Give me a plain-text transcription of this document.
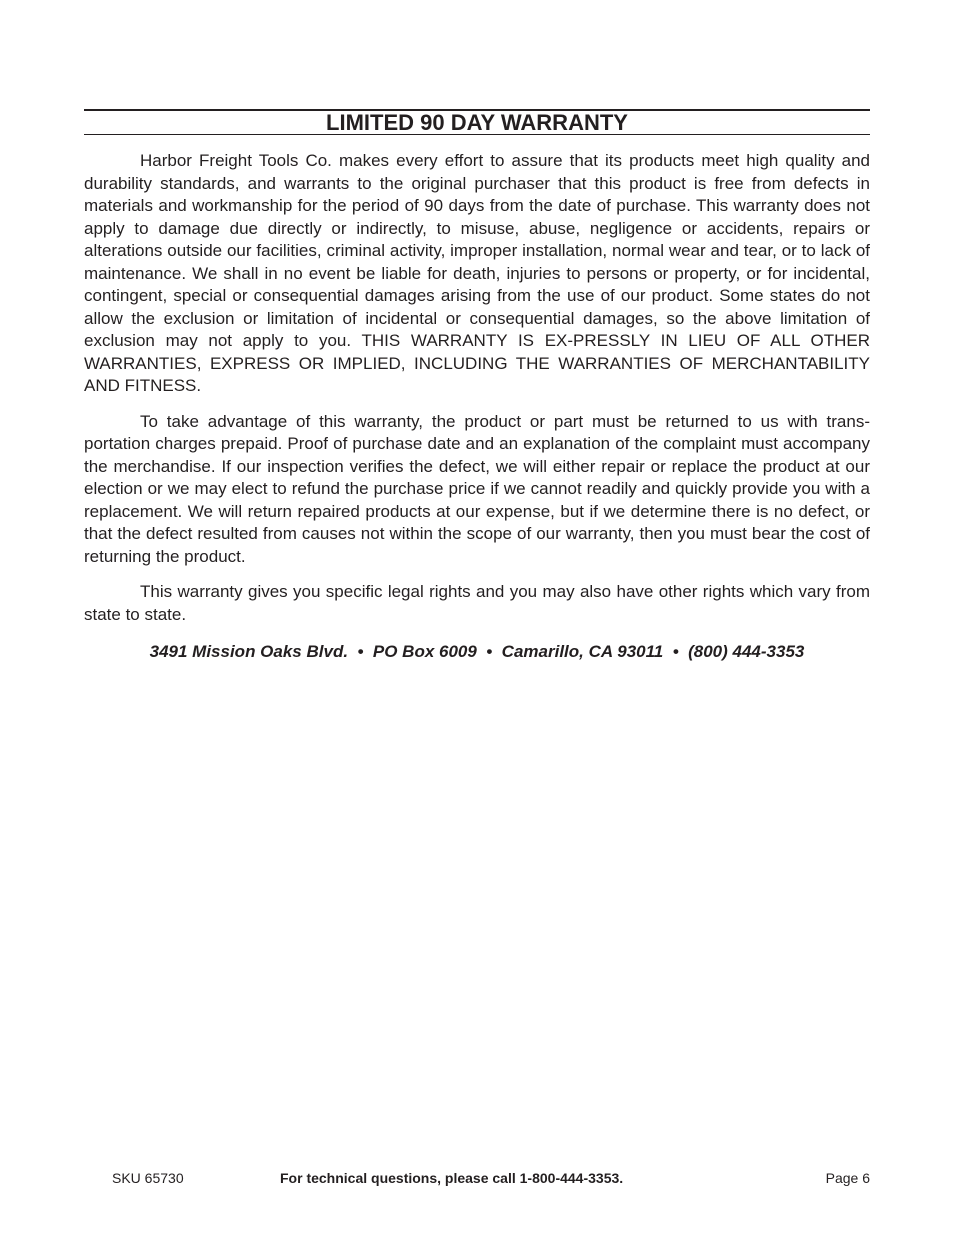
LIMITED 90 DAY WARRANTY

Harbor Freight Tools Co. makes every effort to assure that its products meet high quality and durability standards, and warrants to the original purchaser that this product is free from defects in materials and workmanship for the period of 90 days from the date of purchase. This warranty does not apply to damage due directly or indirectly, to misuse, abuse, negligence or accidents, repairs or alterations outside our facilities, criminal activity, improper installation, normal wear and tear, or to lack of maintenance. We shall in no event be liable for death, injuries to persons or property, or for incidental, contingent, special or consequential damages arising from the use of our product. Some states do not allow the exclusion or limitation of incidental or consequential damages, so the above limitation of exclusion may not apply to you. THIS WARRANTY IS EX-PRESSLY IN LIEU OF ALL OTHER WARRANTIES, EXPRESS OR IMPLIED, INCLUDING THE WARRANTIES OF MERCHANTABILITY AND FITNESS.

To take advantage of this warranty, the product or part must be returned to us with trans-portation charges prepaid. Proof of purchase date and an explanation of the complaint must accompany the merchandise. If our inspection verifies the defect, we will either repair or replace the product at our election or we may elect to refund the purchase price if we cannot readily and quickly provide you with a replacement. We will return repaired products at our expense, but if we determine there is no defect, or that the defect resulted from causes not within the scope of our warranty, then you must bear the cost of returning the product.

This warranty gives you specific legal rights and you may also have other rights which vary from state to state.

3491 Mission Oaks Blvd.  •  PO Box 6009  •  Camarillo, CA 93011  •  (800) 444-3353
SKU 65730	For technical questions, please call 1-800-444-3353.	Page 6
